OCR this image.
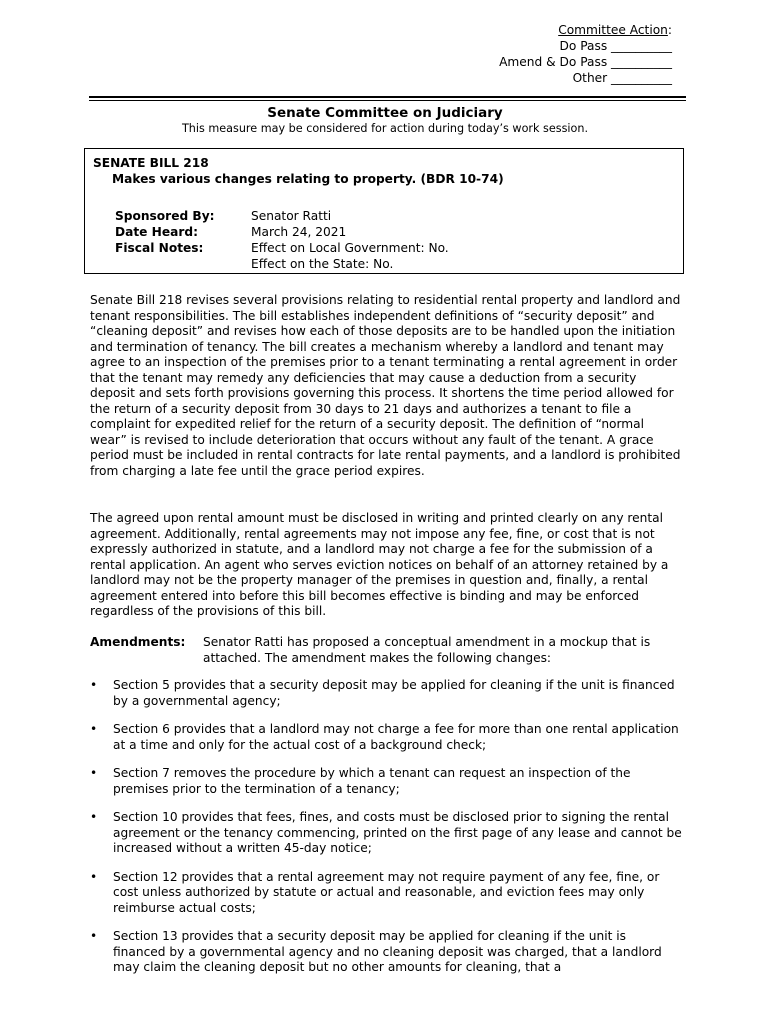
Committee Action:
Do Pass __________
Amend & Do Pass __________
Other __________
Senate Committee on Judiciary
This measure may be considered for action during today’s work session.
SENATE BILL 218
Makes various changes relating to property. (BDR 10-74)
Sponsored By:	Senator Ratti
Date Heard:	March 24, 2021
Fiscal Notes:	Effect on Local Government: No.
Effect on the State: No.
Senate Bill 218 revises several provisions relating to residential rental property and landlord and tenant responsibilities. The bill establishes independent definitions of “security deposit” and “cleaning deposit” and revises how each of those deposits are to be handled upon the initiation and termination of tenancy. The bill creates a mechanism whereby a landlord and tenant may agree to an inspection of the premises prior to a tenant terminating a rental agreement in order that the tenant may remedy any deficiencies that may cause a deduction from a security deposit and sets forth provisions governing this process. It shortens the time period allowed for the return of a security deposit from 30 days to 21 days and authorizes a tenant to file a complaint for expedited relief for the return of a security deposit. The definition of “normal wear” is revised to include deterioration that occurs without any fault of the tenant. A grace period must be included in rental contracts for late rental payments, and a landlord is prohibited from charging a late fee until the grace period expires.
The agreed upon rental amount must be disclosed in writing and printed clearly on any rental agreement. Additionally, rental agreements may not impose any fee, fine, or cost that is not expressly authorized in statute, and a landlord may not charge a fee for the submission of a rental application. An agent who serves eviction notices on behalf of an attorney retained by a landlord may not be the property manager of the premises in question and, finally, a rental agreement entered into before this bill becomes effective is binding and may be enforced regardless of the provisions of this bill.
Amendments:	Senator Ratti has proposed a conceptual amendment in a mockup that is attached. The amendment makes the following changes:
• Section 5 provides that a security deposit may be applied for cleaning if the unit is financed by a governmental agency;
• Section 6 provides that a landlord may not charge a fee for more than one rental application at a time and only for the actual cost of a background check;
• Section 7 removes the procedure by which a tenant can request an inspection of the premises prior to the termination of a tenancy;
• Section 10 provides that fees, fines, and costs must be disclosed prior to signing the rental agreement or the tenancy commencing, printed on the first page of any lease and cannot be increased without a written 45-day notice;
• Section 12 provides that a rental agreement may not require payment of any fee, fine, or cost unless authorized by statute or actual and reasonable, and eviction fees may only reimburse actual costs;
• Section 13 provides that a security deposit may be applied for cleaning if the unit is financed by a governmental agency and no cleaning deposit was charged, that a landlord may claim the cleaning deposit but no other amounts for cleaning, that a
